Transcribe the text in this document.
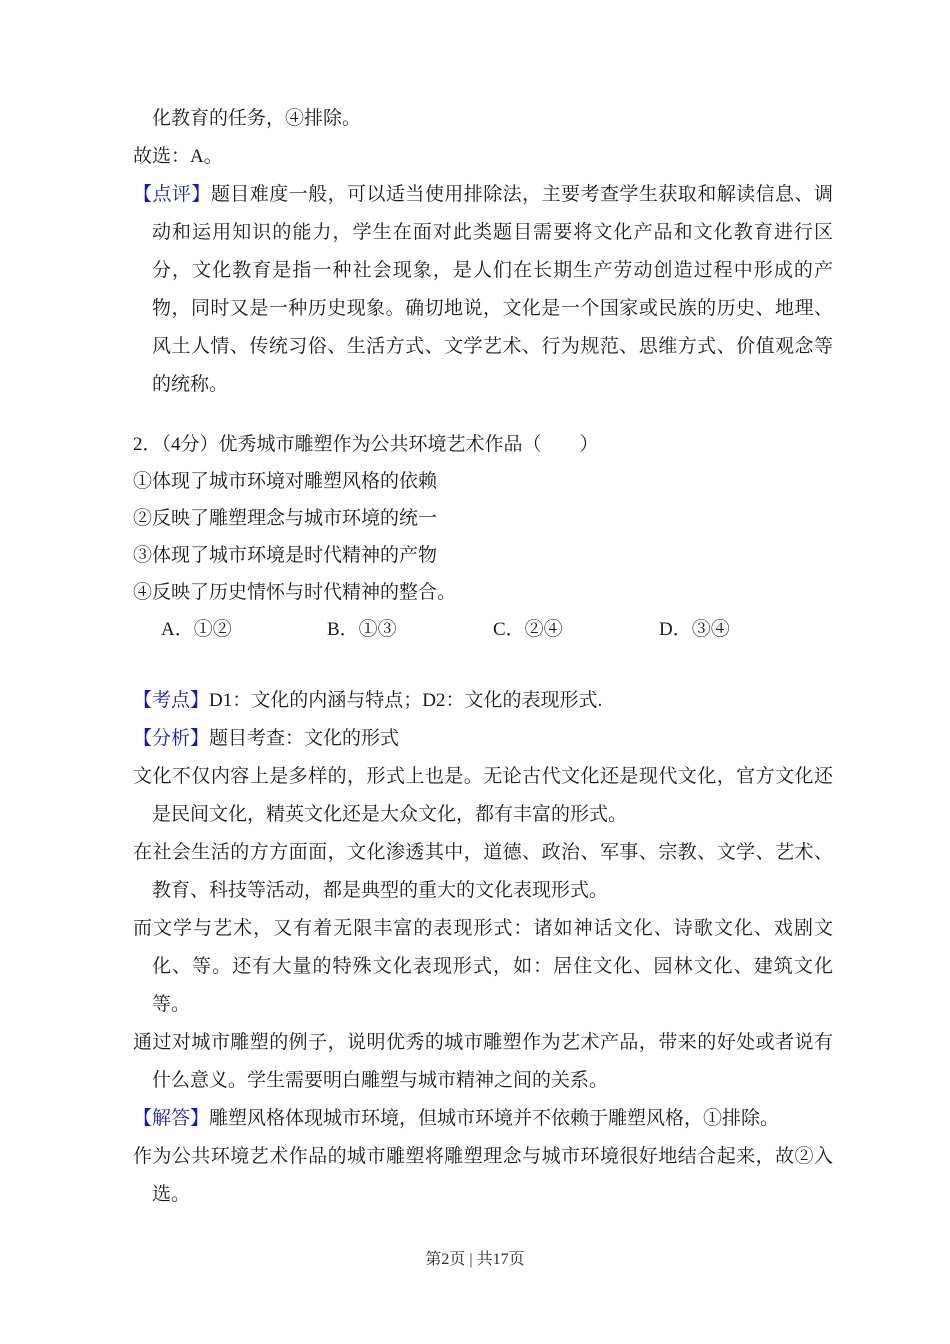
化教育的任务，④排除。

故选：A。

【点评】题目难度一般，可以适当使用排除法，主要考查学生获取和解读信息、调动和运用知识的能力，学生在面对此类题目需要将文化产品和文化教育进行区分，文化教育是指一种社会现象，是人们在长期生产劳动创造过程中形成的产物，同时又是一种历史现象。确切地说，文化是一个国家或民族的历史、地理、风土人情、传统习俗、生活方式、文学艺术、行为规范、思维方式、价值观念等的统称。

2．（4分）优秀城市雕塑作为公共环境艺术作品（　　）

①体现了城市环境对雕塑风格的依赖

②反映了雕塑理念与城市环境的统一

③体现了城市环境是时代精神的产物

④反映了历史情怀与时代精神的整合。

A．①②	B．①③	C．②④	D．③④

【考点】D1：文化的内涵与特点；D2：文化的表现形式.

【分析】题目考查：文化的形式

文化不仅内容上是多样的，形式上也是。无论古代文化还是现代文化，官方文化还是民间文化，精英文化还是大众文化，都有丰富的形式。

在社会生活的方方面面，文化渗透其中，道德、政治、军事、宗教、文学、艺术、教育、科技等活动，都是典型的重大的文化表现形式。

而文学与艺术，又有着无限丰富的表现形式：诸如神话文化、诗歌文化、戏剧文化、等。还有大量的特殊文化表现形式，如：居住文化、园林文化、建筑文化等。

通过对城市雕塑的例子，说明优秀的城市雕塑作为艺术产品，带来的好处或者说有什么意义。学生需要明白雕塑与城市精神之间的关系。

【解答】雕塑风格体现城市环境，但城市环境并不依赖于雕塑风格，①排除。

作为公共环境艺术作品的城市雕塑将雕塑理念与城市环境很好地结合起来，故②入选。

第2页 | 共17页
